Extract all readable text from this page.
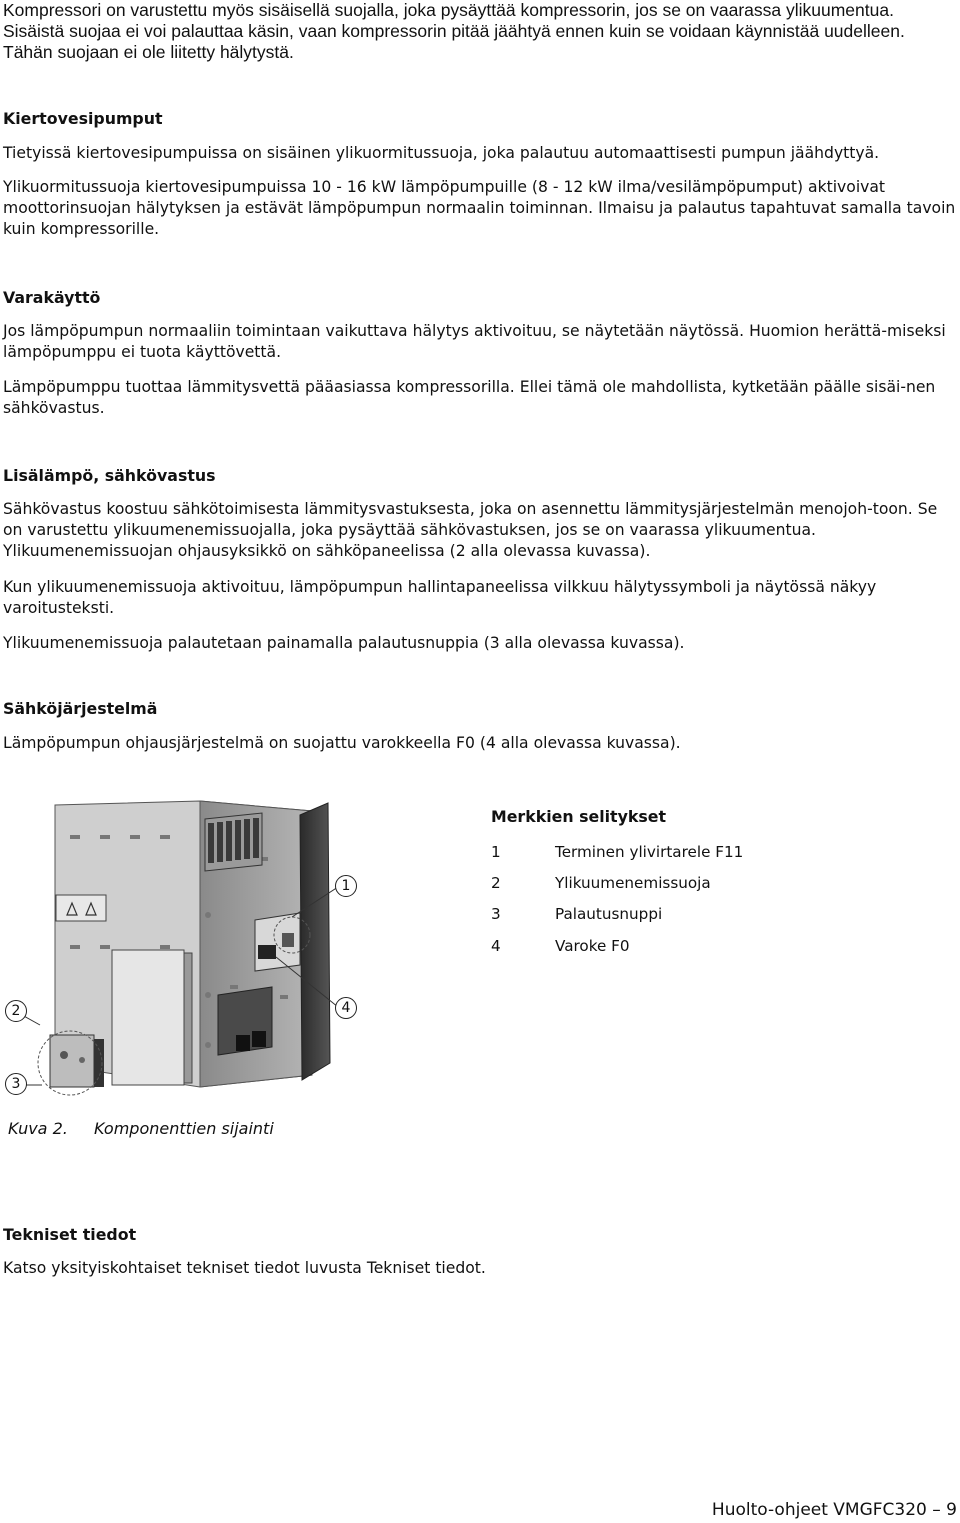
Kompressori on varustettu myös sisäisellä suojalla, joka pysäyttää kompressorin, jos se on vaarassa ylikuumentua.

Sisäistä suojaa ei voi palauttaa käsin, vaan kompressorin pitää jäähtyä ennen kuin se voidaan käynnistää uudelleen. Tähän suojaan ei ole liitetty hälytystä.

Kiertovesipumput

Tietyissä kiertovesipumpuissa on sisäinen ylikuormitussuoja, joka palautuu automaattisesti pumpun jäähdyttyä.

Ylikuormitussuoja kiertovesipumpuissa 10 - 16 kW lämpöpumpuille (8 - 12 kW ilma/vesilämpöpumput) aktivoivat moottorinsuojan hälytyksen ja estävät lämpöpumpun normaalin toiminnan. Ilmaisu ja palautus tapahtuvat samalla tavoin kuin kompressorille.

Varakäyttö

Jos lämpöpumpun normaaliin toimintaan vaikuttava hälytys aktivoituu, se näytetään näytössä. Huomion herättä-miseksi lämpöpumppu ei tuota käyttövettä.

Lämpöpumppu tuottaa lämmitysvettä pääasiassa kompressorilla. Ellei tämä ole mahdollista, kytketään päälle sisäi-nen sähkövastus.

Lisälämpö, sähkövastus

Sähkövastus koostuu sähkötoimisesta lämmitysvastuksesta, joka on asennettu lämmitysjärjestelmän menojoh-toon. Se on varustettu ylikuumenemissuojalla, joka pysäyttää sähkövastuksen, jos se on vaarassa ylikuumentua. Ylikuumenemissuojan ohjausyksikkö on sähköpaneelissa (2 alla olevassa kuvassa).

Kun ylikuumenemissuoja aktivoituu, lämpöpumpun hallintapaneelissa vilkkuu hälytyssymboli ja näytössä näkyy varoitusteksti.

Ylikuumenemissuoja palautetaan painamalla palautusnuppia (3 alla olevassa kuvassa).

Sähköjärjestelmä

Lämpöpumpun ohjausjärjestelmä on suojattu varokkeella F0 (4 alla olevassa kuvassa).

1
2
3
4
Merkkien selitykset
1	Terminen ylivirtarele F11
2	Ylikuumenemissuoja
3	Palautusnuppi
4	Varoke F0
Kuva 2. Komponenttien sijainti
Tekniset tiedot

Katso yksityiskohtaiset tekniset tiedot luvusta Tekniset tiedot.

Huolto-ohjeet VMGFC320 – 9
